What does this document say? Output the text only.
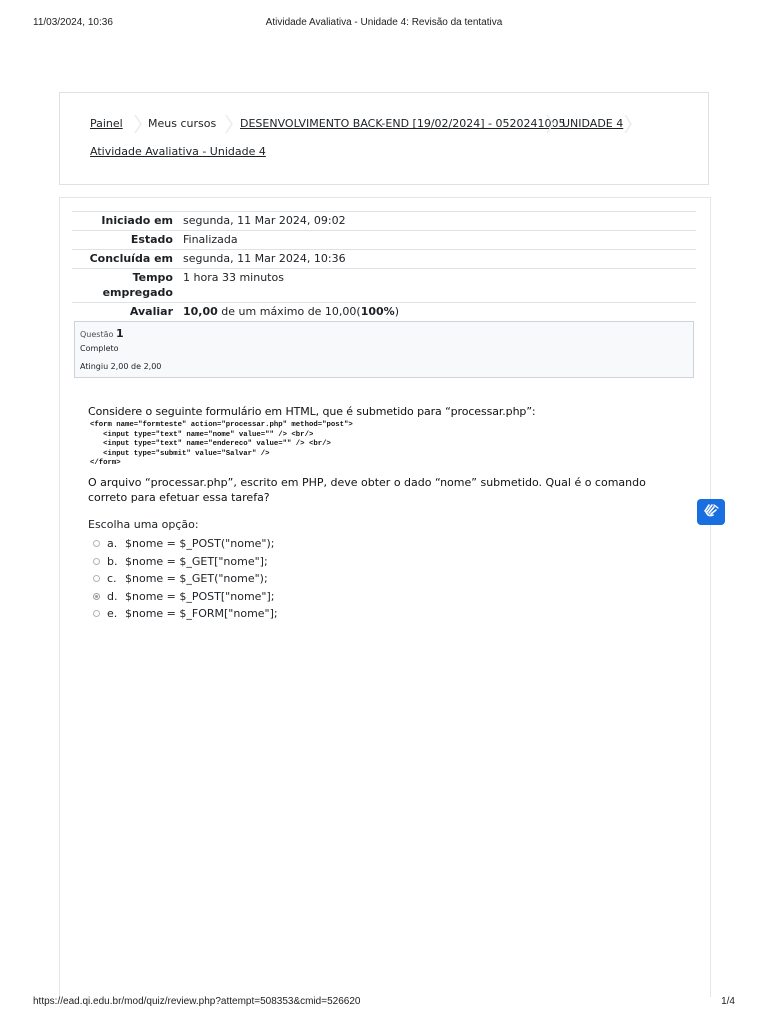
11/03/2024, 10:36	Atividade Avaliativa - Unidade 4: Revisão da tentativa
Painel Meus cursos DESENVOLVIMENTO BACK-END [19/02/2024] - 0520241005
UNIDADE 4
Atividade Avaliativa - Unidade 4
Iniciado em segunda, 11 Mar 2024, 09:02
Estado Finalizada
Concluída em segunda, 11 Mar 2024, 10:36
Tempo
empregado
1 hora 33 minutos
Avaliar 10,00 de um máximo de 10,00(100%)
Questão 1
Completo
Atingiu 2,00 de 2,00
Considere o seguinte formulário em HTML, que é submetido para “processar.php”:
<form name="formteste" action="processar.php" method="post">
<input type="text" name="nome" value="" /> <br/>
<input type="text" name="endereco" value="" /> <br/>
<input type="submit" value="Salvar" />
</form>
O arquivo “processar.php”, escrito em PHP, deve obter o dado “nome” submetido. Qual é o comando correto para efetuar essa tarefa?
Escolha uma opção:
a. $nome = $_POST("nome");
b. $nome = $_GET["nome"];
c. $nome = $_GET("nome");
d. $nome = $_POST["nome"];
e. $nome = $_FORM["nome"];
https://ead.qi.edu.br/mod/quiz/review.php?attempt=508353&cmid=526620	1/4
